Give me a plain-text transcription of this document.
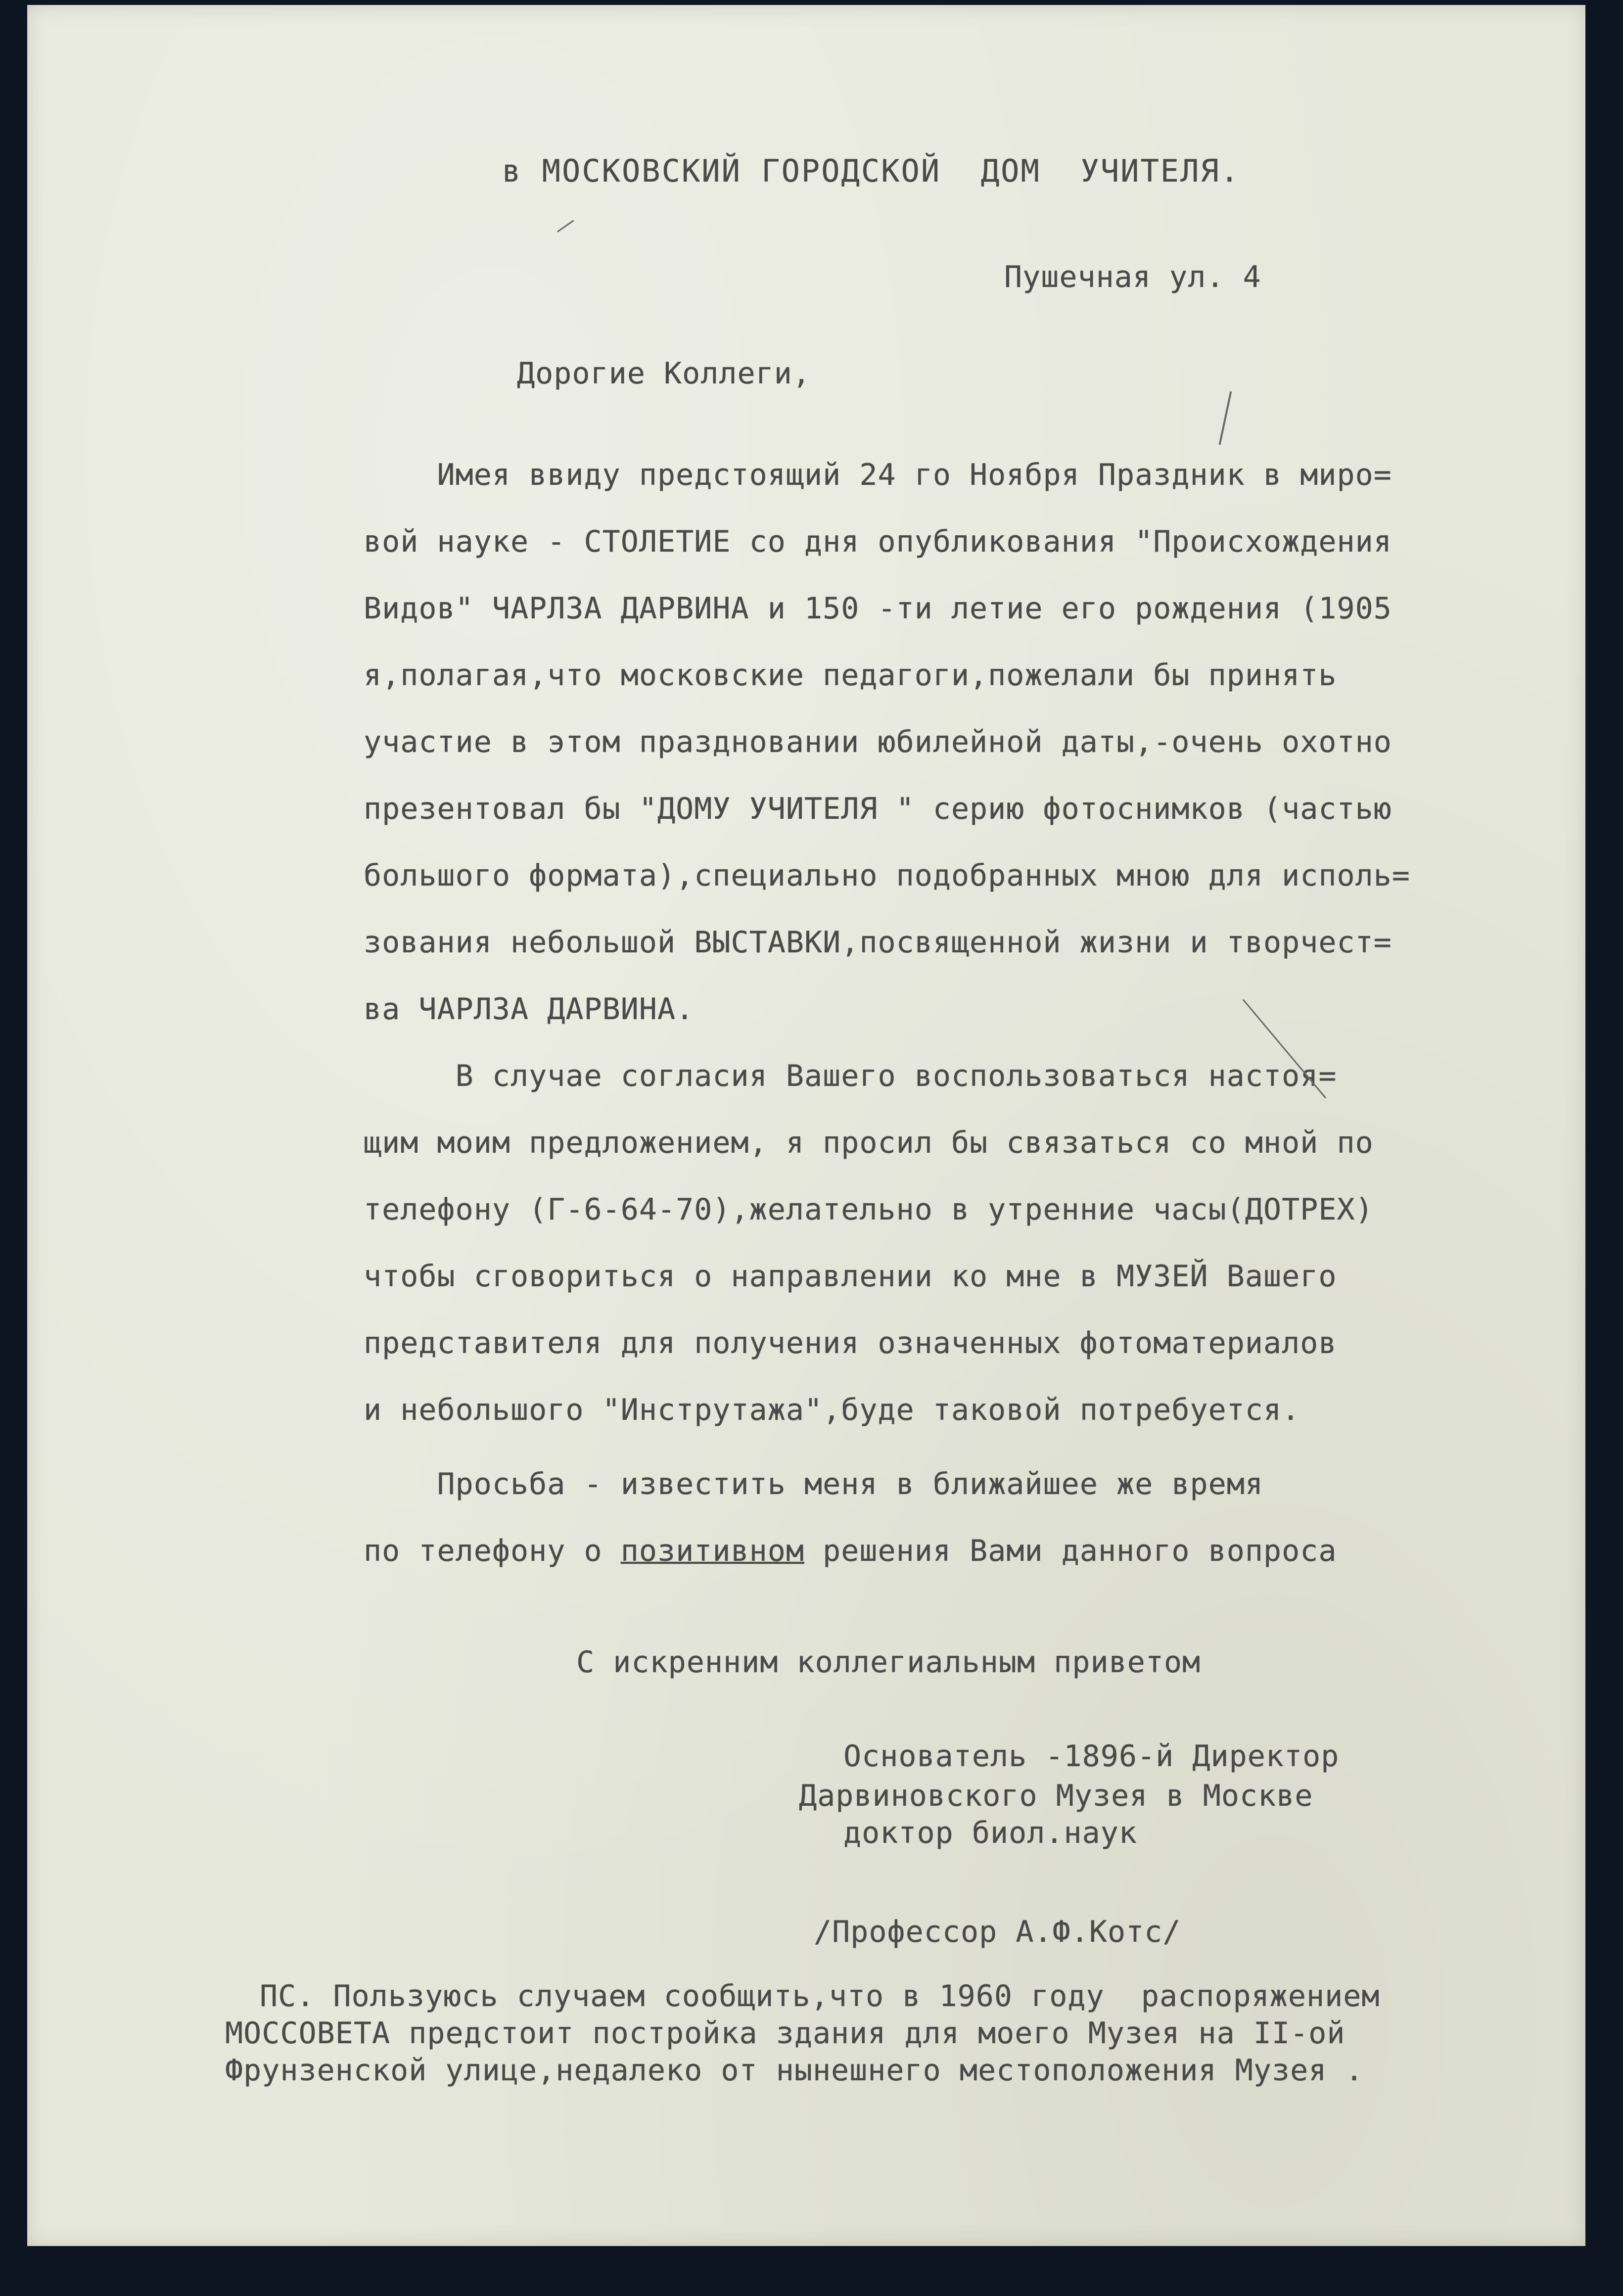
в МОСКОВСКИЙ ГОРОДСКОЙ  ДОМ  УЧИТЕЛЯ.
Пушечная ул. 4
Дорогие Коллеги,
Имея ввиду предстоящий 24 го Ноября Праздник в миро=
вой науке - СТОЛЕТИЕ со дня опубликования "Происхождения
Видов" ЧАРЛЗА ДАРВИНА и 150 -ти летие его рождения (1905
я,полагая,что московские педагоги,пожелали бы принять
участие в этом праздновании юбилейной даты,-очень охотно
презентовал бы "ДОМУ УЧИТЕЛЯ " серию фотоснимков (частью
большого формата),специально подобранных мною для исполь=
зования небольшой ВЫСТАВКИ,посвященной жизни и творчест=
ва ЧАРЛЗА ДАРВИНА.
В случае согласия Вашего воспользоваться настоя=
щим моим предложением, я просил бы связаться со мной по
телефону (Г-6-64-70),желательно в утренние часы(ДОТРЕХ)
чтобы сговориться о направлении ко мне в МУЗЕЙ Вашего
представителя для получения означенных фотоматериалов
и небольшого "Инструтажа",буде таковой потребуется.
Просьба - известить меня в ближайшее же время
по телефону о позитивном решения Вами данного вопроса
С искренним коллегиальным приветом
Основатель -1896-й Директор
Дарвиновского Музея в Москве
доктор биол.наук
/Профессор А.Ф.Котс/
ПС. Пользуюсь случаем сообщить,что в 1960 году  распоряжением
МОССОВЕТА предстоит постройка здания для моего Музея на II-ой
Фрунзенской улице,недалеко от нынешнего местоположения Музея .
